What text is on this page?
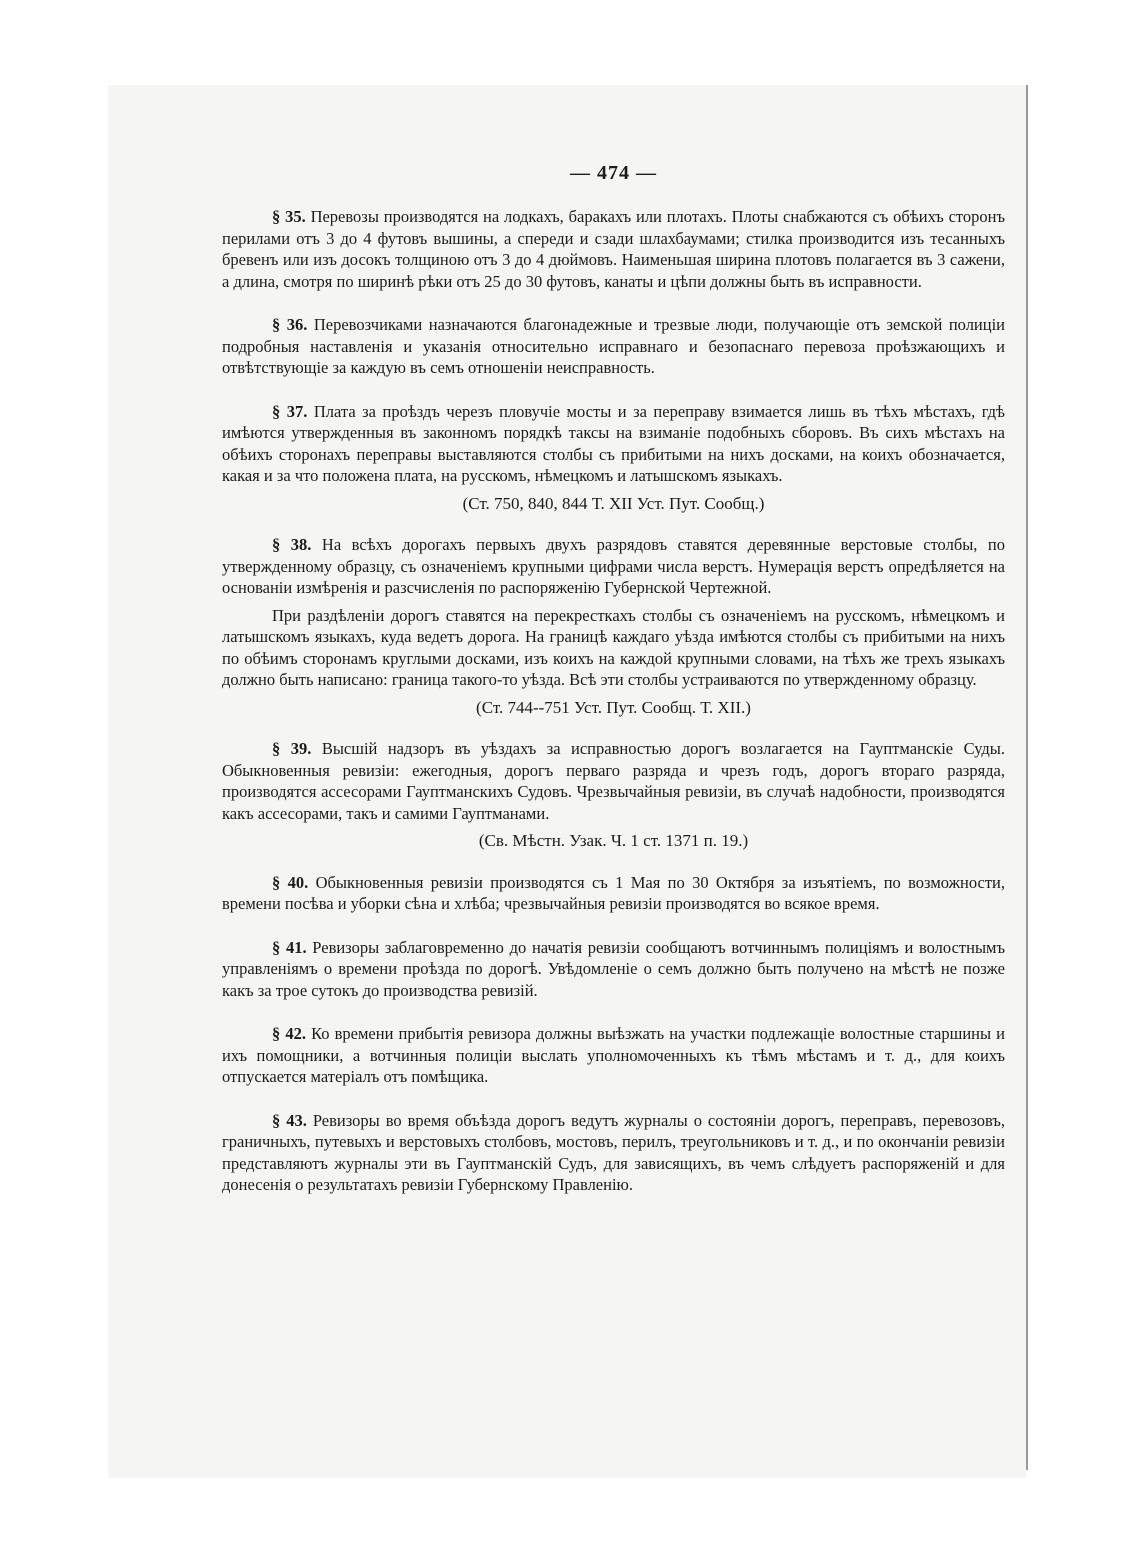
— 474 —

§ 35. Перевозы производятся на лодкахъ, баракахъ или плотахъ. Плоты снабжаются съ обѣихъ сторонъ перилами отъ 3 до 4 футовъ вышины, а спереди и сзади шлахбаумами; стилка производится изъ тесанныхъ бревенъ или изъ досокъ толщиною отъ 3 до 4 дюймовъ. Наименьшая ширина плотовъ полагается въ 3 сажени, а длина, смотря по ширинѣ рѣки отъ 25 до 30 футовъ, канаты и цѣпи должны быть въ исправности.

§ 36. Перевозчиками назначаются благонадежные и трезвые люди, получающіе отъ земской полиціи подробныя наставленія и указанія относительно исправнаго и безопаснаго перевоза проѣзжающихъ и отвѣтствующіе за каждую въ семъ отношеніи неисправность.

§ 37. Плата за проѣздъ черезъ пловучіе мосты и за переправу взимается лишь въ тѣхъ мѣстахъ, гдѣ имѣются утвержденныя въ законномъ порядкѣ таксы на взиманіе подобныхъ сборовъ. Въ сихъ мѣстахъ на обѣихъ сторонахъ переправы выставляются столбы съ прибитыми на нихъ досками, на коихъ обозначается, какая и за что положена плата, на русскомъ, нѣмецкомъ и латышскомъ языкахъ.

(Ст. 750, 840, 844 Т. XII Уст. Пут. Сообщ.)

§ 38. На всѣхъ дорогахъ первыхъ двухъ разрядовъ ставятся деревянные верстовые столбы, по утвержденному образцу, съ означеніемъ крупными цифрами числа верстъ. Нумерація верстъ опредѣляется на основаніи измѣренія и разсчисленія по распоряженію Губернской Чертежной.

При раздѣленіи дорогъ ставятся на перекресткахъ столбы съ означеніемъ на русскомъ, нѣмецкомъ и латышскомъ языкахъ, куда ведетъ дорога. На границѣ каждаго уѣзда имѣются столбы съ прибитыми на нихъ по обѣимъ сторонамъ круглыми досками, изъ коихъ на каждой крупными словами, на тѣхъ же трехъ языкахъ должно быть написано: граница такого-то уѣзда. Всѣ эти столбы устраиваются по утвержденному образцу.

(Ст. 744--751 Уст. Пут. Сообщ. Т. XII.)

§ 39. Высшій надзоръ въ уѣздахъ за исправностью дорогъ возлагается на Гауптманскіе Суды. Обыкновенныя ревизіи: ежегодныя, дорогъ перваго разряда и чрезъ годъ, дорогъ втораго разряда, производятся ассесорами Гауптманскихъ Судовъ. Чрезвычайныя ревизіи, въ случаѣ надобности, производятся какъ ассесорами, такъ и самими Гауптманами.

(Св. Мѣстн. Узак. Ч. 1 ст. 1371 п. 19.)

§ 40. Обыкновенныя ревизіи производятся съ 1 Мая по 30 Октября за изъятіемъ, по возможности, времени посѣва и уборки сѣна и хлѣба; чрезвычайныя ревизіи производятся во всякое время.

§ 41. Ревизоры заблаговременно до начатія ревизіи сообщаютъ вотчиннымъ полиціямъ и волостнымъ управленіямъ о времени проѣзда по дорогѣ. Увѣдомленіе о семъ должно быть получено на мѣстѣ не позже какъ за трое сутокъ до производства ревизій.

§ 42. Ко времени прибытія ревизора должны выѣзжать на участки подлежащіе волостные старшины и ихъ помощники, а вотчинныя полиціи выслать уполномоченныхъ къ тѣмъ мѣстамъ и т. д., для коихъ отпускается матеріалъ отъ помѣщика.

§ 43. Ревизоры во время объѣзда дорогъ ведутъ журналы о состояніи дорогъ, переправъ, перевозовъ, граничныхъ, путевыхъ и верстовыхъ столбовъ, мостовъ, перилъ, треугольниковъ и т. д., и по окончаніи ревизіи представляютъ журналы эти въ Гауптманскій Судъ, для зависящихъ, въ чемъ слѣдуетъ распоряженій и для донесенія о результатахъ ревизіи Губернскому Правленію.
